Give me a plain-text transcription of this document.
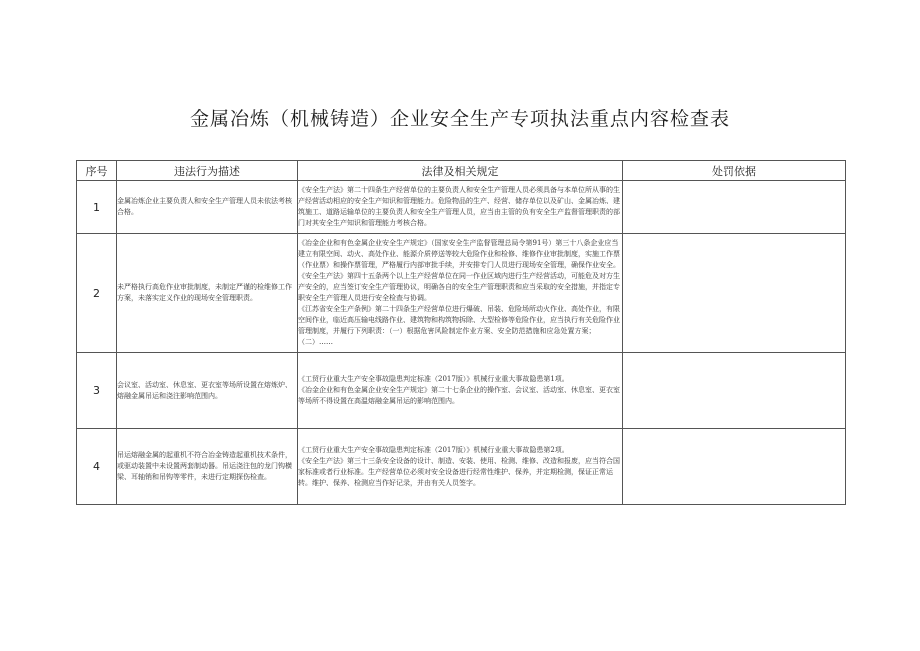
金属冶炼（机械铸造）企业安全生产专项执法重点内容检查表
序号	违法行为描述	法律及相关规定	处罚依据
1	金属冶炼企业主要负责人和安全生产管理人员未依法考核合格。	《安全生产法》第二十四条生产经营单位的主要负责人和安全生产管理人员必须具备与本单位所从事的生产经营活动相应的安全生产知识和管理能力。危险物品的生产、经营、储存单位以及矿山、金属冶炼、建筑施工、道路运输单位的主要负责人和安全生产管理人员，应当由主管的负有安全生产监督管理职责的部门对其安全生产知识和管理能力考核合格。	

2	未严格执行高危作业审批制度，未制定严谨的检维修工作方案，未落实定义作业的现场安全管理职责。	《冶金企业和有色金属企业安全生产规定》（国家安全生产监督管理总局令第91号）第三十八条企业应当建立有限空间、动火、高处作业、能源介质停送等较大危险作业和检修、维修作业审批制度，实施工作票（作业票）和操作票管理，严格履行内部审批手续，并安排专门人员进行现场安全管理，确保作业安全。
《安全生产法》第四十五条两个以上生产经营单位在同一作业区域内进行生产经营活动，可能危及对方生产安全的，应当签订安全生产管理协议，明确各自的安全生产管理职责和应当采取的安全措施，并指定专职安全生产管理人员进行安全检查与协调。
《江苏省安全生产条例》第二十四条生产经营单位进行爆破、吊装、危险场所动火作业、高处作业，有限空间作业，临近高压输电线路作业、建筑物和构筑物拆除、大型检修等危险作业，应当执行有关危险作业管理制度，并履行下列职责：（一）根据危害风险制定作业方案、安全防范措施和应急处置方案；（二）……	

3	会议室、活动室、休息室、更衣室等场所设置在熔炼炉、熔融金属吊运和浇注影响范围内。	《工贸行业重大生产安全事故隐患判定标准（2017版）》机械行业重大事故隐患第1项。
《冶金企业和有色金属企业安全生产规定》第二十七条企业的操作室、会议室、活动室、休息室、更衣室等场所不得设置在高温熔融金属吊运的影响范围内。	

4	吊运熔融金属的起重机不符合冶金铸造起重机技术条件，或驱动装置中未设置两套制动器。吊运浇注包的龙门钩横梁、耳轴销和吊钩等零件，未进行定期探伤检查。	《工贸行业重大生产安全事故隐患判定标准（2017版）》机械行业重大事故隐患第2项。
《安全生产法》第三十三条安全设备的设计、制造、安装、使用、检测、维修、改造和报废，应当符合国家标准或者行业标准。生产经营单位必须对安全设备进行经常性维护、保养，并定期检测，保证正常运转。维护、保养、检测应当作好记录，并由有关人员签字。	
